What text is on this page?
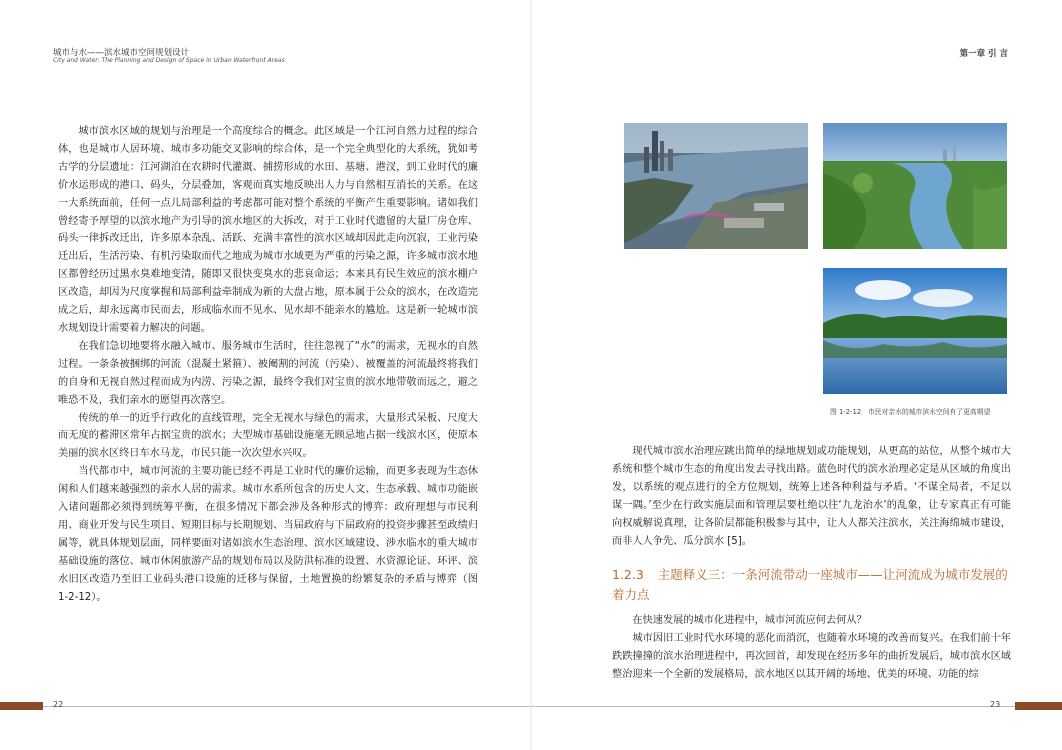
城市与水——滨水城市空间规划设计
City and Water: The Planning and Design of Space in Urban Waterfront Areas

城市滨水区域的规划与治理是一个高度综合的概念。此区域是一个江河自然力过程的综合体，也是城市人居环境、城市多功能交叉影响的综合体，是一个完全典型化的大系统，犹如考古学的分层遗址：江河湖泊在农耕时代灌溉、捕捞形成的水田、基塘、港汊，到工业时代的廉价水运形成的港口、码头，分层叠加，客观而真实地反映出人力与自然相互消长的关系。在这一大系统面前，任何一点儿局部利益的考虑都可能对整个系统的平衡产生重要影响。诸如我们曾经寄予厚望的以滨水地产为引导的滨水地区的大拆改，对于工业时代遗留的大量厂房仓库、码头一律拆改迁出，许多原本杂乱、活跃、充满丰富性的滨水区域却因此走向沉寂，工业污染迁出后，生活污染、有机污染取而代之地成为城市水域更为严重的污染之源，许多城市滨水地区都曾经历过黑水臭难地变清，随即又很快变臭水的悲哀命运；本来具有民生效应的滨水棚户区改造，却因为尺度掌握和局部利益牵制成为新的大盘占地，原本属于公众的滨水，在改造完成之后，却永远离市民而去，形成临水而不见水、见水却不能亲水的尴尬。这是新一轮城市滨水规划设计需要着力解决的问题。

在我们急切地要将水融入城市、服务城市生活时，往往忽视了“水”的需求，无视水的自然过程。一条条被捆绑的河流（混凝土紧箍）、被阉割的河流（污染）、被覆盖的河流最终将我们的自身和无视自然过程而成为内涝、污染之源，最终令我们对宝贵的滨水地带敬而远之，避之唯恐不及，我们亲水的愿望再次落空。

传统的单一的近乎行政化的直线管理，完全无视水与绿色的需求，大量形式呆板、尺度大而无度的蓄滞区常年占据宝贵的滨水；大型城市基础设施毫无顾忌地占据一线滨水区，使原本美丽的滨水区终日车水马龙，市民只能一次次望水兴叹。

当代都市中，城市河流的主要功能已经不再是工业时代的廉价运输，而更多表现为生态休闲和人们越来越强烈的亲水人居的需求。城市水系所包含的历史人文、生态承载、城市功能嵌入诸问题都必须得到统筹平衡，在很多情况下都会涉及各种形式的博弈：政府理想与市民利用、商业开发与民生项目、短期目标与长期规划、当届政府与下届政府的投资步骤甚至政绩归属等，就具体规划层面，同样要面对诸如滨水生态治理、滨水区域建设、涉水临水的重大城市基础设施的落位、城市休闲旅游产品的规划布局以及防洪标准的设置、水资源论证、环评、滨水旧区改造乃至旧工业码头港口设施的迁移与保留，土地置换的纷繁复杂的矛盾与博弈（图 1-2-12）。

22
第一章 引 言
图 1-2-12　市民对亲水的城市滨水空间有了更高期望

现代城市滨水治理应跳出简单的绿地规划或功能规划，从更高的站位，从整个城市大系统和整个城市生态的角度出发去寻找出路。蓝色时代的滨水治理必定是从区域的角度出发，以系统的观点进行的全方位规划，统筹上述各种利益与矛盾。‘不谋全局者，不足以谋一隅。’至少在行政实施层面和管理层要杜绝以往‘九龙治水’的乱象，让专家真正有可能向权威解说真理，让各阶层都能积极参与其中，让人人都关注滨水，关注海绵城市建设，而非人人争先、瓜分滨水 [5]。

1.2.3 主题释义三：一条河流带动一座城市——让河流成为城市发展的着力点

在快速发展的城市化进程中，城市河流应何去何从？

城市因旧工业时代水环境的恶化而消沉，也随着水环境的改善而复兴。在我们前十年跌跌撞撞的滨水治理进程中，再次回首，却发现在经历多年的曲折发展后，城市滨水区域整治迎来一个全新的发展格局，滨水地区以其开阔的场地、优美的环境、功能的综

23
